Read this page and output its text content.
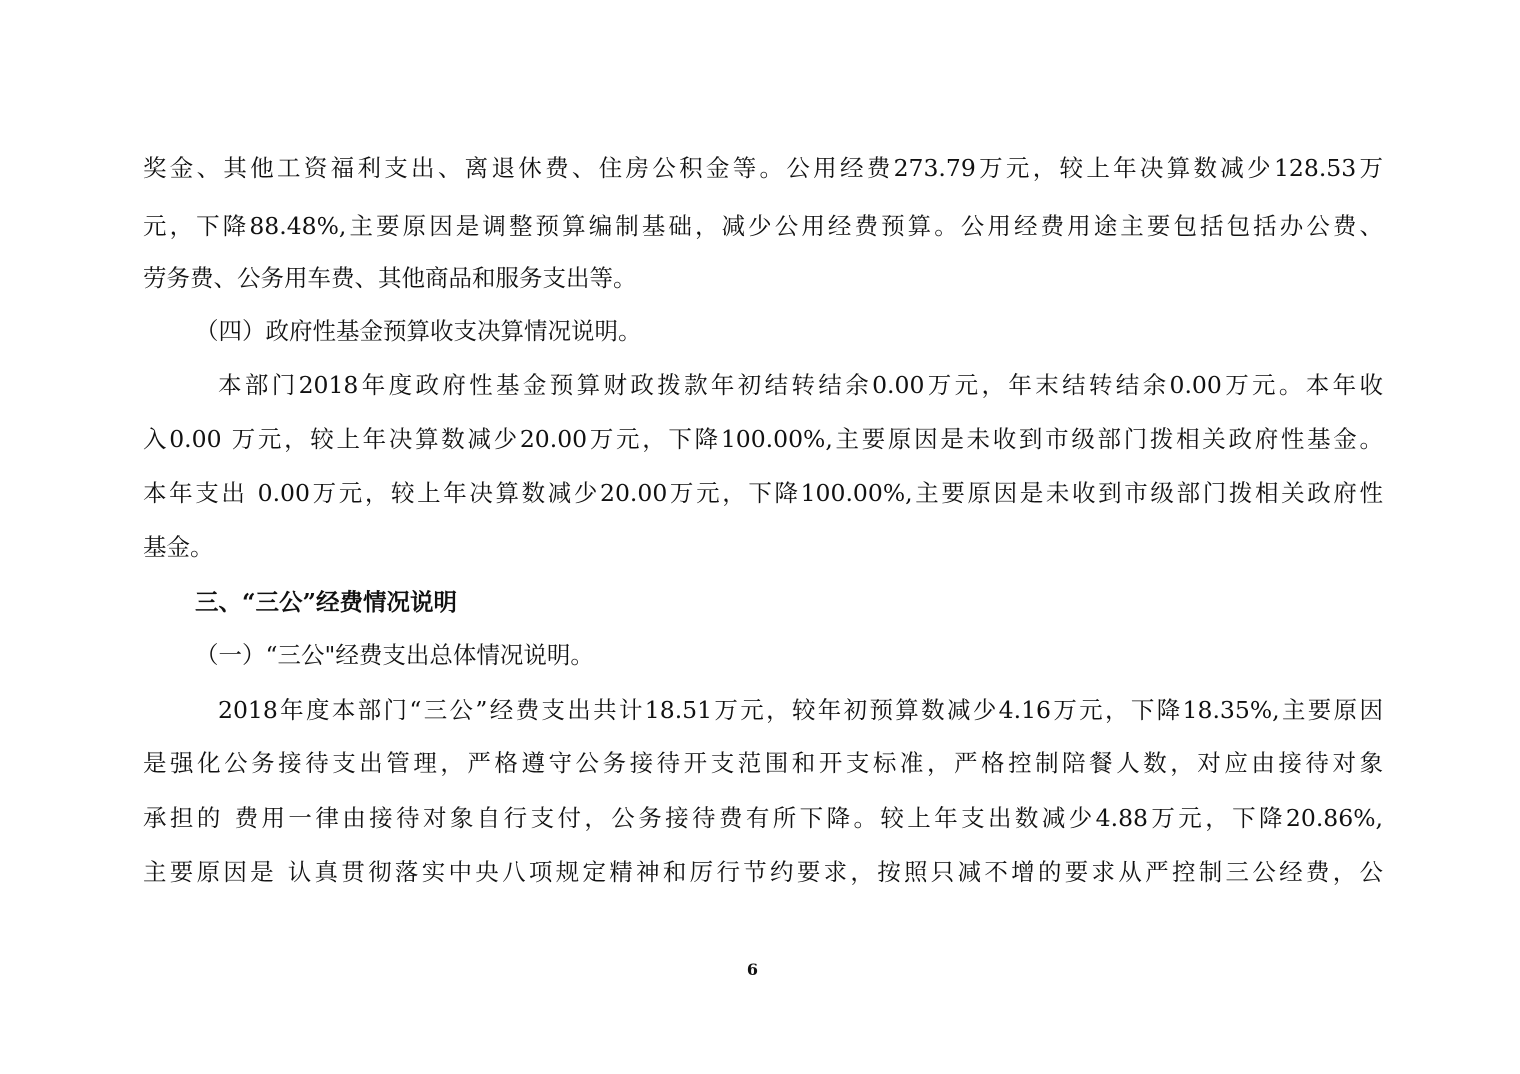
奖金、其他工资福利支出、离退休费、住房公积金等。公用经费273.79万元，较上年决算数减少128.53万
元，下降88.48%,主要原因是调整预算编制基础，减少公用经费预算。公用经费用途主要包括包括办公费、
劳务费、公务用车费、其他商品和服务支出等。
（四）政府性基金预算收支决算情况说明。
本部门2018年度政府性基金预算财政拨款年初结转结余0.00万元，年末结转结余0.00万元。本年收
入0.00 万元，较上年决算数减少20.00万元，下降100.00%,主要原因是未收到市级部门拨相关政府性基金。
本年支出 0.00万元，较上年决算数减少20.00万元，下降100.00%,主要原因是未收到市级部门拨相关政府性
基金。
三、“三公”经费情况说明
（一）“三公"经费支出总体情况说明。
2018年度本部门“三公”经费支出共计18.51万元，较年初预算数减少4.16万元，下降18.35%,主要原因
是强化公务接待支出管理，严格遵守公务接待开支范围和开支标准，严格控制陪餐人数，对应由接待对象
承担的 费用一律由接待对象自行支付，公务接待费有所下降。较上年支出数减少4.88万元，下降20.86%,
主要原因是 认真贯彻落实中央八项规定精神和厉行节约要求，按照只减不增的要求从严控制三公经费，公
6
